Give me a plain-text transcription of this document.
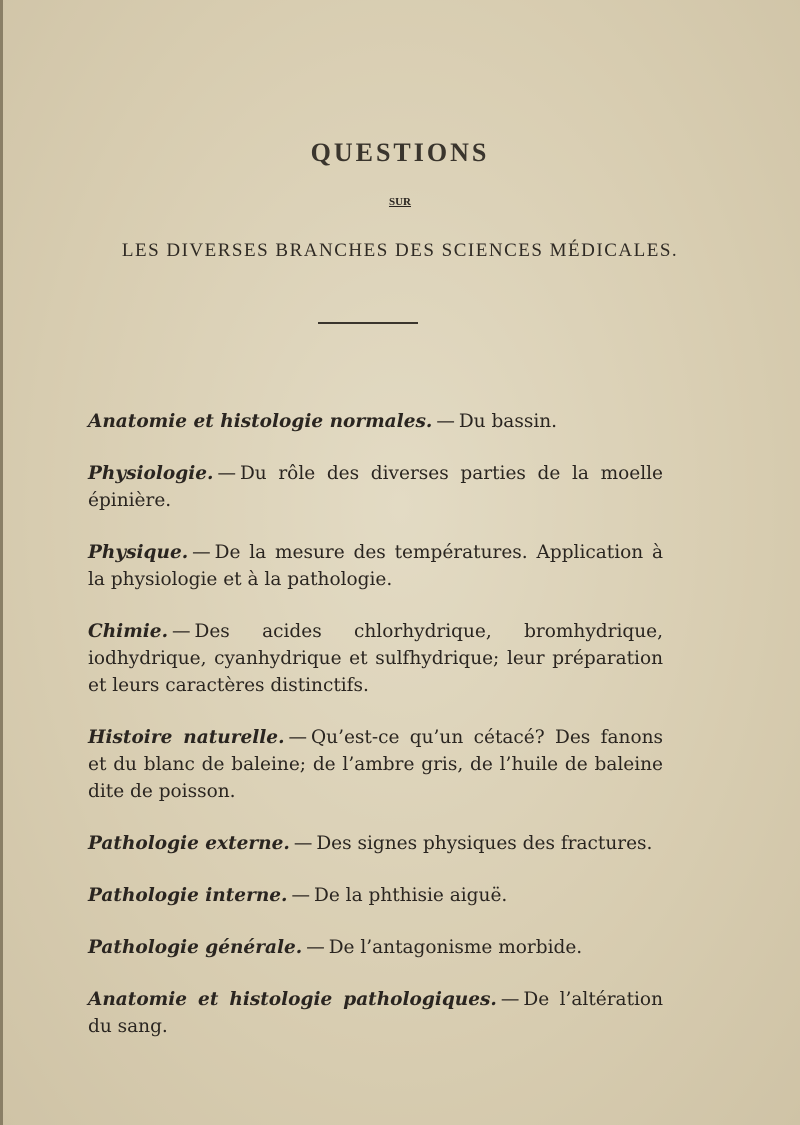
QUESTIONS
SUR
LES DIVERSES BRANCHES DES SCIENCES MÉDICALES.

Anatomie et histologie normales. — Du bassin.

Physiologie. — Du rôle des diverses parties de la moelle épinière.

Physique. — De la mesure des températures. Application à la physiologie et à la pathologie.

Chimie. — Des acides chlorhydrique, bromhydrique, iodhydrique, cyanhydrique et sulfhydrique; leur préparation et leurs caractères distinctifs.

Histoire naturelle. — Qu’est-ce qu’un cétacé? Des fanons et du blanc de baleine; de l’ambre gris, de l’huile de baleine dite de poisson.

Pathologie externe. — Des signes physiques des fractures.

Pathologie interne. — De la phthisie aiguë.

Pathologie générale. — De l’antagonisme morbide.

Anatomie et histologie pathologiques. — De l’altération du sang.
